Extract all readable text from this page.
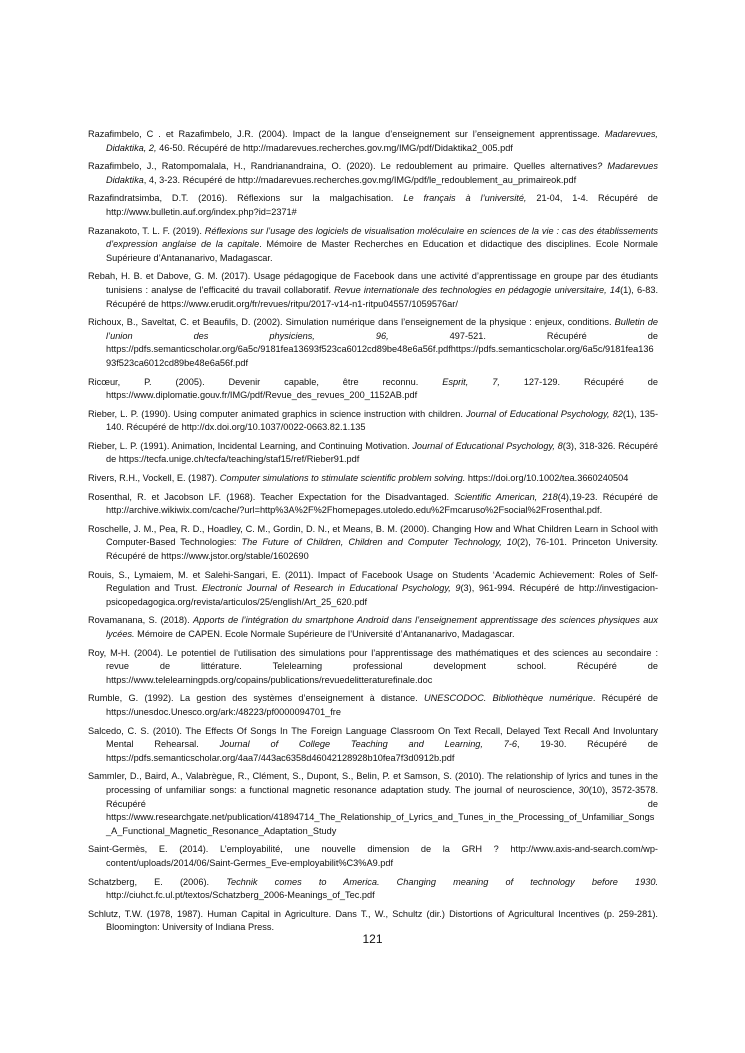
Razafimbelo, C . et Razafimbelo, J.R. (2004). Impact de la langue d’enseignement sur l’enseignement apprentissage. Madarevues, Didaktika, 2, 46-50. Récupéré de http://madarevues.recherches.gov.mg/IMG/pdf/Didaktika2_005.pdf

Razafimbelo, J., Ratompomalala, H., Randrianandraina, O. (2020). Le redoublement au primaire. Quelles alternatives? Madarevues Didaktika, 4, 3-23. Récupéré de http://madarevues.recherches.gov.mg/IMG/pdf/le_redoublement_au_primaireok.pdf

Razafindratsimba, D.T. (2016). Réflexions sur la malgachisation. Le français à l’université, 21-04, 1-4. Récupéré de http://www.bulletin.auf.org/index.php?id=2371#

Razanakoto, T. L. F. (2019). Réflexions sur l’usage des logiciels de visualisation moléculaire en sciences de la vie : cas des établissements d’expression anglaise de la capitale. Mémoire de Master Recherches en Education et didactique des disciplines. Ecole Normale Supérieure d’Antananarivo, Madagascar.

Rebah, H. B. et Dabove, G. M. (2017). Usage pédagogique de Facebook dans une activité d’apprentissage en groupe par des étudiants tunisiens : analyse de l’efficacité du travail collaboratif. Revue internationale des technologies en pédagogie universitaire, 14(1), 6-83. Récupéré de https://www.erudit.org/fr/revues/ritpu/2017-v14-n1-ritpu04557/1059576ar/

Richoux, B., Saveltat, C. et Beaufils, D. (2002). Simulation numérique dans l’enseignement de la physique : enjeux, conditions. Bulletin de l’union des physiciens, 96, 497-521. Récupéré de https://pdfs.semanticscholar.org/6a5c/9181fea13693f523ca6012cd89be48e6a56f.pdfhttps://pdfs.semanticscholar.org/6a5c/9181fea13693f523ca6012cd89be48e6a56f.pdf

Ricœur, P. (2005). Devenir capable, être reconnu. Esprit, 7, 127-129. Récupéré de https://www.diplomatie.gouv.fr/IMG/pdf/Revue_des_revues_200_1152AB.pdf

Rieber, L. P. (1990). Using computer animated graphics in science instruction with children. Journal of Educational Psychology, 82(1), 135-140. Récupéré de http://dx.doi.org/10.1037/0022-0663.82.1.135

Rieber, L. P. (1991). Animation, Incidental Learning, and Continuing Motivation. Journal of Educational Psychology, 8(3), 318-326. Récupéré de https://tecfa.unige.ch/tecfa/teaching/staf15/ref/Rieber91.pdf

Rivers, R.H., Vockell, E. (1987). Computer simulations to stimulate scientific problem solving. https://doi.org/10.1002/tea.3660240504

Rosenthal, R. et Jacobson LF. (1968). Teacher Expectation for the Disadvantaged. Scientific American, 218(4),19-23. Récupéré de http://archive.wikiwix.com/cache/?url=http%3A%2F%2Fhomepages.utoledo.edu%2Fmcaruso%2Fsocial%2Frosenthal.pdf.

Roschelle, J. M., Pea, R. D., Hoadley, C. M., Gordin, D. N., et Means, B. M. (2000). Changing How and What Children Learn in School with Computer-Based Technologies: The Future of Children, Children and Computer Technology, 10(2), 76-101. Princeton University. Récupéré de https://www.jstor.org/stable/1602690

Rouis, S., Lymaiem, M. et Salehi-Sangari, E. (2011). Impact of Facebook Usage on Students ‘Academic Achievement: Roles of Self-Regulation and Trust. Electronic Journal of Research in Educational Psychology, 9(3), 961-994. Récupéré de http://investigacion-psicopedagogica.org/revista/articulos/25/english/Art_25_620.pdf

Rovamanana, S. (2018). Apports de l’intégration du smartphone Android dans l’enseignement apprentissage des sciences physiques aux lycées. Mémoire de CAPEN. Ecole Normale Supérieure de l’Université d’Antananarivo, Madagascar.

Roy, M-H. (2004). Le potentiel de l’utilisation des simulations pour l’apprentissage des mathématiques et des sciences au secondaire : revue de littérature. Telelearning professional development school. Récupéré de https://www.telelearningpds.org/copains/publications/revuedelitteraturefinale.doc

Rumble, G. (1992). La gestion des systèmes d’enseignement à distance. UNESCODOC. Bibliothèque numérique. Récupéré de https://unesdoc.Unesco.org/ark:/48223/pf0000094701_fre

Salcedo, C. S. (2010). The Effects Of Songs In The Foreign Language Classroom On Text Recall, Delayed Text Recall And Involuntary Mental Rehearsal. Journal of College Teaching and Learning, 7-6, 19-30. Récupéré de https://pdfs.semanticscholar.org/4aa7/443ac6358d46042128928b10fea7f3d0912b.pdf

Sammler, D., Baird, A., Valabrègue, R., Clément, S., Dupont, S., Belin, P. et Samson, S. (2010). The relationship of lyrics and tunes in the processing of unfamiliar songs: a functional magnetic resonance adaptation study. The journal of neuroscience, 30(10), 3572-3578. Récupéré de https://www.researchgate.net/publication/41894714_The_Relationship_of_Lyrics_and_Tunes_in_the_Processing_of_Unfamiliar_Songs_A_Functional_Magnetic_Resonance_Adaptation_Study

Saint-Germès, E. (2014). L’employabilité, une nouvelle dimension de la GRH ? http://www.axis-and-search.com/wp-content/uploads/2014/06/Saint-Germes_Eve-employabilit%C3%A9.pdf

Schatzberg, E. (2006). Technik comes to America. Changing meaning of technology before 1930. http://ciuhct.fc.ul.pt/textos/Schatzberg_2006-Meanings_of_Tec.pdf

Schlutz, T.W. (1978, 1987). Human Capital in Agriculture. Dans T., W., Schultz (dir.) Distortions of Agricultural Incentives (p. 259-281). Bloomington: University of Indiana Press.

121
